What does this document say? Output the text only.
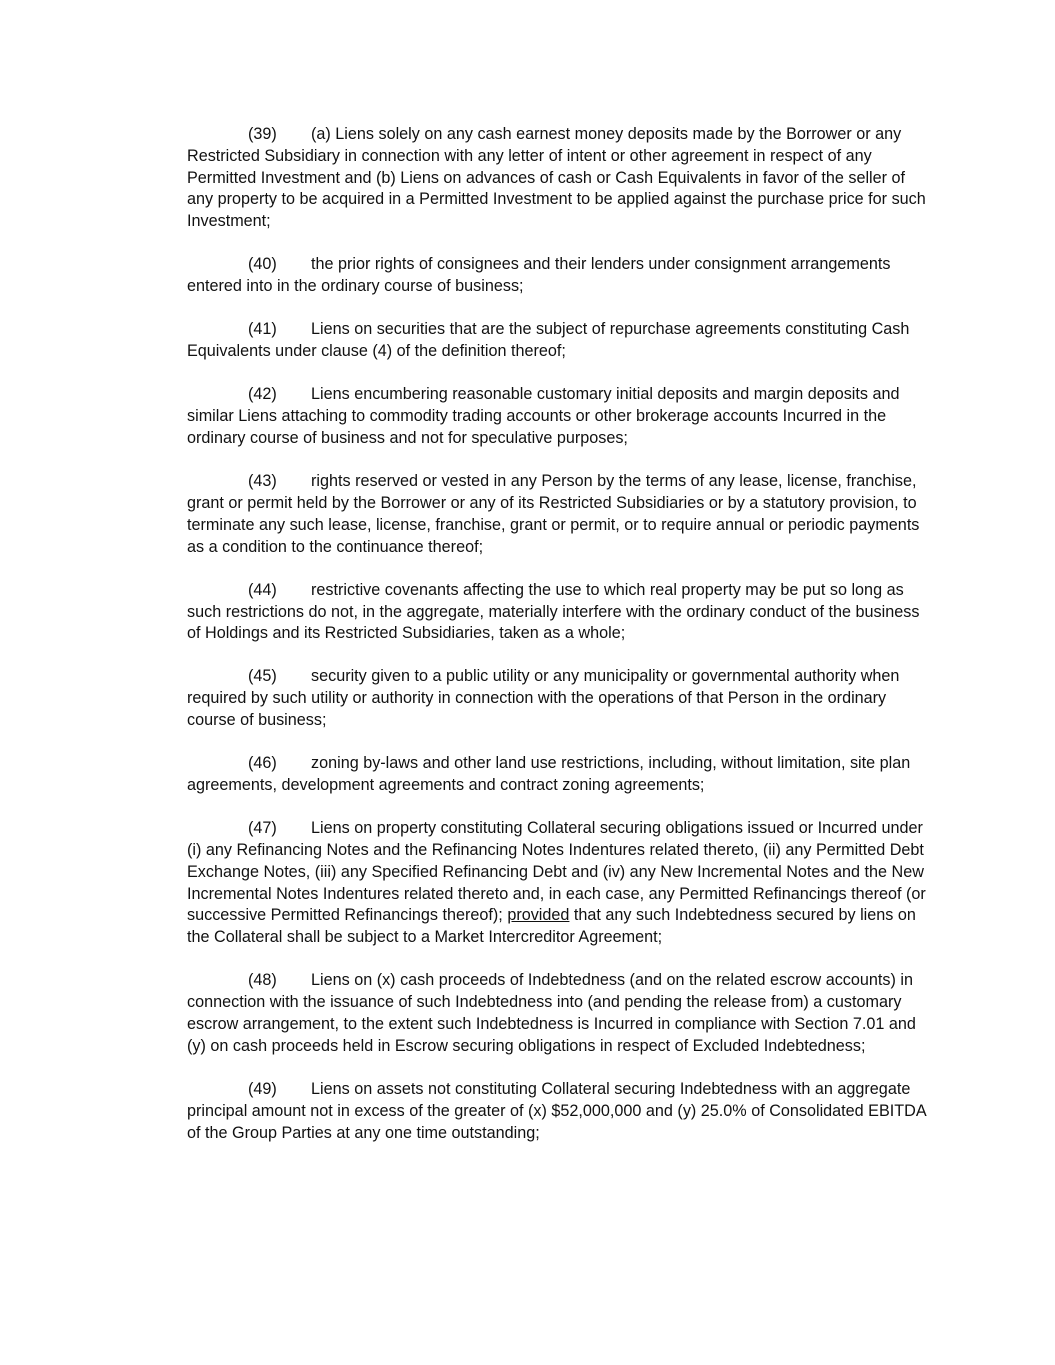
(39) (a) Liens solely on any cash earnest money deposits made by the Borrower or any Restricted Subsidiary in connection with any letter of intent or other agreement in respect of any Permitted Investment and (b) Liens on advances of cash or Cash Equivalents in favor of the seller of any property to be acquired in a Permitted Investment to be applied against the purchase price for such Investment;

(40) the prior rights of consignees and their lenders under consignment arrangements entered into in the ordinary course of business;

(41) Liens on securities that are the subject of repurchase agreements constituting Cash Equivalents under clause (4) of the definition thereof;

(42) Liens encumbering reasonable customary initial deposits and margin deposits and similar Liens attaching to commodity trading accounts or other brokerage accounts Incurred in the ordinary course of business and not for speculative purposes;

(43) rights reserved or vested in any Person by the terms of any lease, license, franchise, grant or permit held by the Borrower or any of its Restricted Subsidiaries or by a statutory provision, to terminate any such lease, license, franchise, grant or permit, or to require annual or periodic payments as a condition to the continuance thereof;

(44) restrictive covenants affecting the use to which real property may be put so long as such restrictions do not, in the aggregate, materially interfere with the ordinary conduct of the business of Holdings and its Restricted Subsidiaries, taken as a whole;

(45) security given to a public utility or any municipality or governmental authority when required by such utility or authority in connection with the operations of that Person in the ordinary course of business;

(46) zoning by-laws and other land use restrictions, including, without limitation, site plan agreements, development agreements and contract zoning agreements;

(47) Liens on property constituting Collateral securing obligations issued or Incurred under (i) any Refinancing Notes and the Refinancing Notes Indentures related thereto, (ii) any Permitted Debt Exchange Notes, (iii) any Specified Refinancing Debt and (iv) any New Incremental Notes and the New Incremental Notes Indentures related thereto and, in each case, any Permitted Refinancings thereof (or successive Permitted Refinancings thereof); provided that any such Indebtedness secured by liens on the Collateral shall be subject to a Market Intercreditor Agreement;

(48) Liens on (x) cash proceeds of Indebtedness (and on the related escrow accounts) in connection with the issuance of such Indebtedness into (and pending the release from) a customary escrow arrangement, to the extent such Indebtedness is Incurred in compliance with Section 7.01 and (y) on cash proceeds held in Escrow securing obligations in respect of Excluded Indebtedness;

(49) Liens on assets not constituting Collateral securing Indebtedness with an aggregate principal amount not in excess of the greater of (x) $52,000,000 and (y) 25.0% of Consolidated EBITDA of the Group Parties at any one time outstanding;
